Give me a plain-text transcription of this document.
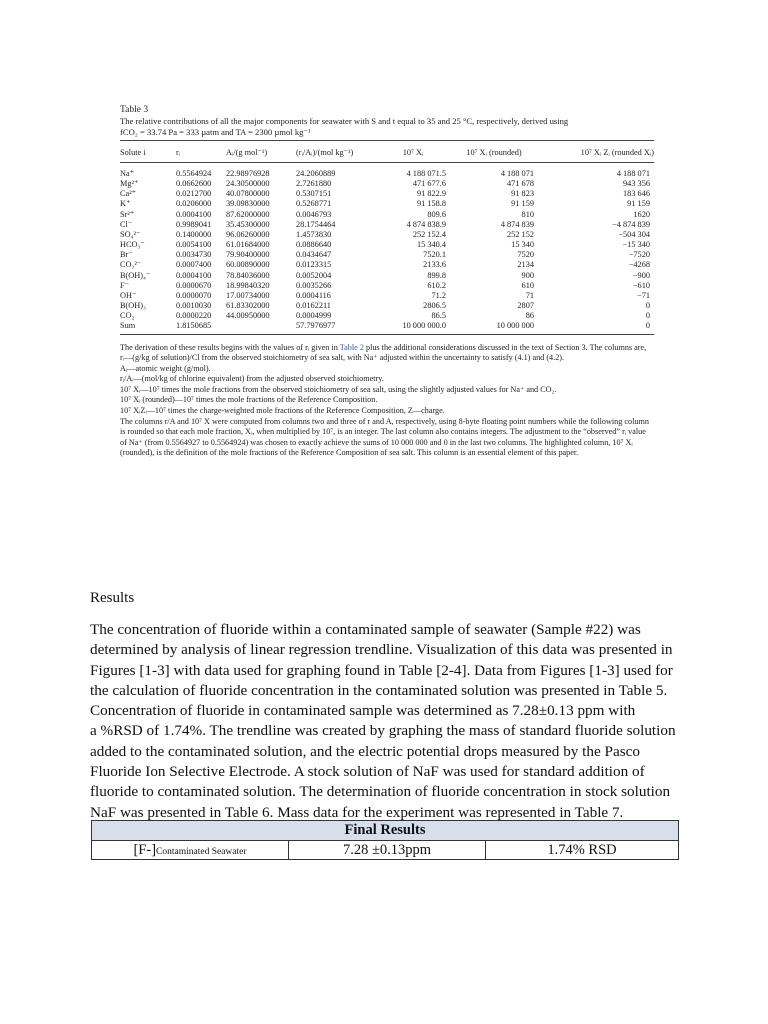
Table 3
The relative contributions of all the major components for seawater with S and t equal to 35 and 25 °C, respectively, derived using
fCO₂ = 33.74 Pa = 333 µatm and TA = 2300 µmol kg⁻¹
Solute i	rᵢ	Aᵢ/(g mol⁻¹)	(rᵢ/Aᵢ)/(mol kg⁻¹)	10⁷ Xᵢ	10⁷ Xᵢ (rounded)	10⁷ Xᵢ Zᵢ (rounded Xᵢ)
Na⁺	0.5564924	22.98976928	24.2060889	4 188 071.5	4 188 071	4 188 071
Mg²⁺	0.0662600	24.30500000	2.7261880	471 677.6	471 678	943 356
Ca²⁺	0.0212700	40.07800000	0.5307151	91 822.9	91 823	183 646
K⁺	0.0206000	39.09830000	0.5268771	91 158.8	91 159	91 159
Sr²⁺	0.0004100	87.62000000	0.0046793	809.6	810	1620
Cl⁻	0.9989041	35.45300000	28.1754464	4 874 838.9	4 874 839	−4 874 839
SO₄²⁻	0.1400000	96.06260000	1.4573830	252 152.4	252 152	−504 304
HCO₃⁻	0.0054100	61.01684000	0.0886640	15 340.4	15 340	−15 340
Br⁻	0.0034730	79.90400000	0.0434647	7520.1	7520	−7520
CO₃²⁻	0.0007400	60.00890000	0.0123315	2133.6	2134	−4268
B(OH)₄⁻	0.0004100	78.84036000	0.0052004	899.8	900	−900
F⁻	0.0000670	18.99840320	0.0035266	610.2	610	−610
OH⁻	0.0000070	17.00734000	0.0004116	71.2	71	−71
B(OH)₃	0.0010030	61.83302000	0.0162211	2806.5	2807	0
CO₂	0.0000220	44.00950000	0.0004999	86.5	86	0
Sum	1.8150685		57.7976977	10 000 000.0	10 000 000	0
The derivation of these results begins with the values of rᵢ given in Table 2 plus the additional considerations discussed in the text of Section 3. The columns are,
rᵢ—(g/kg of solution)/Cl from the observed stoichiometry of sea salt, with Na⁺ adjusted within the uncertainty to satisfy (4.1) and (4.2).
Aᵢ—atomic weight (g/mol).
rᵢ/Aᵢ—(mol/kg of chlorine equivalent) from the adjusted observed stoichiometry.
10⁷ Xᵢ—10⁷ times the mole fractions from the observed stoichiometry of sea salt, using the slightly adjusted values for Na⁺ and CO₂.
10⁷ Xᵢ (rounded)—10⁷ times the mole fractions of the Reference Composition.
10⁷ XᵢZᵢ—10⁷ times the charge-weighted mole fractions of the Reference Composition, Z—charge.
The columns r/A and 10⁷ X were computed from columns two and three of r and A, respectively, using 8-byte floating point numbers while the following column is rounded so that each mole fraction, Xᵢ, when multiplied by 10⁷, is an integer. The last column also contains integers. The adjustment to the “observed” rᵢ value of Na⁺ (from 0.5564927 to 0.5564924) was chosen to exactly achieve the sums of 10 000 000 and 0 in the last two columns. The highlighted column, 10⁷ Xᵢ (rounded), is the definition of the mole fractions of the Reference Composition of sea salt. This column is an essential element of this paper.
Results
The concentration of fluoride within a contaminated sample of seawater (Sample #22) was
determined by analysis of linear regression trendline. Visualization of this data was presented in
Figures [1-3] with data used for graphing found in Table [2-4]. Data from Figures [1-3] used for
the calculation of fluoride concentration in the contaminated solution was presented in Table 5.
Concentration of fluoride in contaminated sample was determined as 7.28±0.13 ppm with
a %RSD of 1.74%. The trendline was created by graphing the mass of standard fluoride solution
added to the contaminated solution, and the electric potential drops measured by the Pasco
Fluoride Ion Selective Electrode. A stock solution of NaF was used for standard addition of
fluoride to contaminated solution. The determination of fluoride concentration in stock solution
NaF was presented in Table 6. Mass data for the experiment was represented in Table 7.
Final Results
[F-]Contaminated Seawater	7.28 ±0.13ppm	1.74% RSD
